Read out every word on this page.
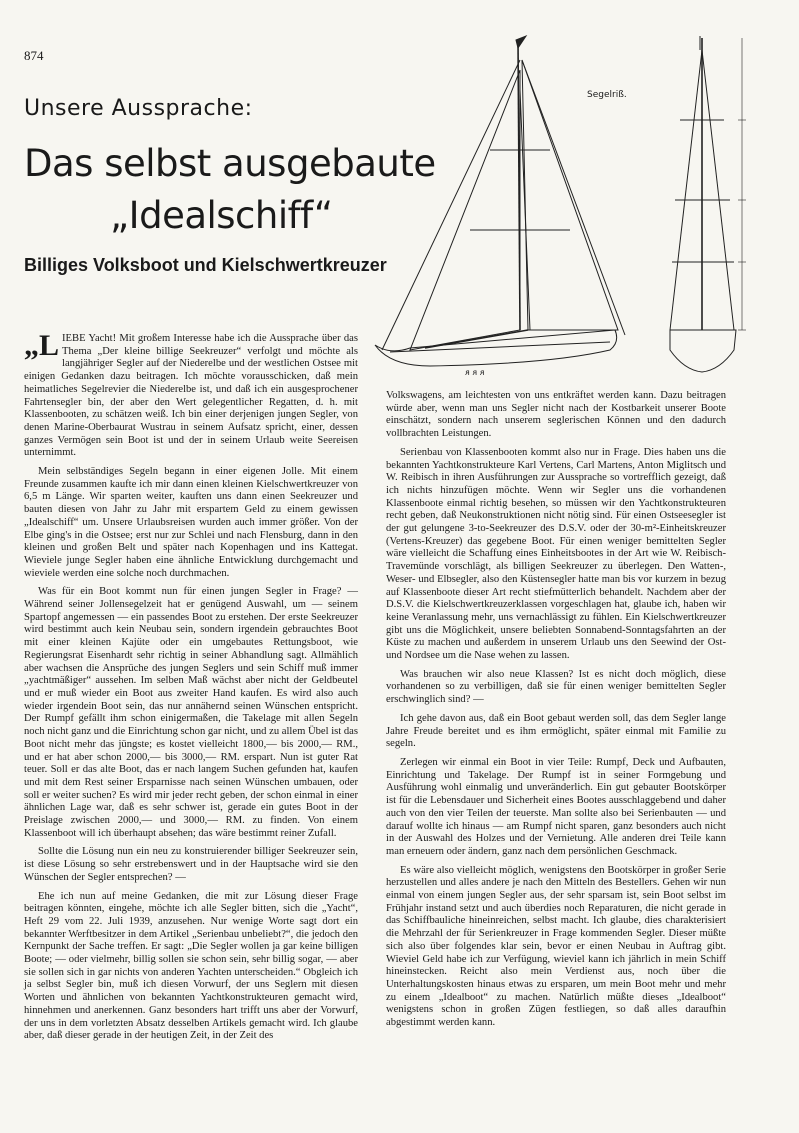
874
Unsere Aussprache:
Das selbst ausgebaute
„Idealschiff“
Billiges Volksboot und Kielschwertkreuzer
ᴙ ᴙ ᴙ
Segelriß.

„LIEBE Yacht! Mit großem Interesse habe ich die Aussprache über das Thema „Der kleine billige Seekreuzer“ verfolgt und möchte als langjähriger Segler auf der Niederelbe und der westlichen Ostsee mit einigen Gedanken dazu beitragen. Ich möchte vorausschicken, daß mein heimatliches Segelrevier die Niederelbe ist, und daß ich ein ausgesprochener Fahrtensegler bin, der aber den Wert gelegentlicher Regatten, d. h. mit Klassenbooten, zu schätzen weiß. Ich bin einer derjenigen jungen Segler, von denen Marine-Oberbaurat Wustrau in seinem Aufsatz spricht, einer, dessen ganzes Vermögen sein Boot ist und der in seinem Urlaub weite Seereisen unternimmt.

Mein selbständiges Segeln begann in einer eigenen Jolle. Mit einem Freunde zusammen kaufte ich mir dann einen kleinen Kielschwertkreuzer von 6,5 m Länge. Wir sparten weiter, kauften uns dann einen Seekreuzer und bauten diesen von Jahr zu Jahr mit erspartem Geld zu einem gewissen „Idealschiff“ um. Unsere Urlaubsreisen wurden auch immer größer. Von der Elbe ging's in die Ostsee; erst nur zur Schlei und nach Flensburg, dann in den kleinen und großen Belt und später nach Kopenhagen und ins Kattegat. Wieviele junge Segler haben eine ähnliche Entwicklung durchgemacht und wieviele werden eine solche noch durchmachen.

Was für ein Boot kommt nun für einen jungen Segler in Frage? — Während seiner Jollensegelzeit hat er genügend Auswahl, um — seinem Spartopf angemessen — ein passendes Boot zu erstehen. Der erste Seekreuzer wird bestimmt auch kein Neubau sein, sondern irgendein gebrauchtes Boot mit einer kleinen Kajüte oder ein umgebautes Rettungsboot, wie Regierungsrat Eisenhardt sehr richtig in seiner Abhandlung sagt. Allmählich aber wachsen die Ansprüche des jungen Seglers und sein Schiff muß immer „yachtmäßiger“ aussehen. Im selben Maß wächst aber nicht der Geldbeutel und er muß wieder ein Boot aus zweiter Hand kaufen. Es wird also auch wieder irgendein Boot sein, das nur annähernd seinen Wünschen entspricht. Der Rumpf gefällt ihm schon einigermaßen, die Takelage mit allen Segeln noch nicht ganz und die Einrichtung schon gar nicht, und zu allem Übel ist das Boot nicht mehr das jüngste; es kostet vielleicht 1800,— bis 2000,— RM., und er hat aber schon 2000,— bis 3000,— RM. erspart. Nun ist guter Rat teuer. Soll er das alte Boot, das er nach langem Suchen gefunden hat, kaufen und mit dem Rest seiner Ersparnisse nach seinen Wünschen umbauen, oder soll er weiter suchen? Es wird mir jeder recht geben, der schon einmal in einer ähnlichen Lage war, daß es sehr schwer ist, gerade ein gutes Boot in der Preislage zwischen 2000,— und 3000,— RM. zu finden. Von einem Klassenboot will ich überhaupt absehen; das wäre bestimmt reiner Zufall.

Sollte die Lösung nun ein neu zu konstruierender billiger Seekreuzer sein, ist diese Lösung so sehr erstrebenswert und in der Hauptsache wird sie den Wünschen der Segler entsprechen? —

Ehe ich nun auf meine Gedanken, die mit zur Lösung dieser Frage beitragen könnten, eingehe, möchte ich alle Segler bitten, sich die „Yacht“, Heft 29 vom 22. Juli 1939, anzusehen. Nur wenige Worte sagt dort ein bekannter Werftbesitzer in dem Artikel „Serienbau unbeliebt?“, die jedoch den Kernpunkt der Sache treffen. Er sagt: „Die Segler wollen ja gar keine billigen Boote; — oder vielmehr, billig sollen sie schon sein, sehr billig sogar, — aber sie sollen sich in gar nichts von anderen Yachten unterscheiden.“ Obgleich ich ja selbst Segler bin, muß ich diesen Vorwurf, der uns Seglern mit diesen Worten und ähnlichen von bekannten Yachtkonstrukteuren gemacht wird, hinnehmen und anerkennen. Ganz besonders hart trifft uns aber der Vorwurf, der uns in dem vorletzten Absatz desselben Artikels gemacht wird. Ich glaube aber, daß dieser gerade in der heutigen Zeit, in der Zeit des

Volkswagens, am leichtesten von uns entkräftet werden kann. Dazu beitragen würde aber, wenn man uns Segler nicht nach der Kostbarkeit unserer Boote einschätzt, sondern nach unserem seglerischen Können und den dadurch vollbrachten Leistungen.

Serienbau von Klassenbooten kommt also nur in Frage. Dies haben uns die bekannten Yachtkonstrukteure Karl Vertens, Carl Martens, Anton Miglitsch und W. Reibisch in ihren Ausführungen zur Aussprache so vortrefflich gezeigt, daß ich nichts hinzufügen möchte. Wenn wir Segler uns die vorhandenen Klassenboote einmal richtig besehen, so müssen wir den Yachtkonstrukteuren recht geben, daß Neukonstruktionen nicht nötig sind. Für einen Ostseesegler ist der gut gelungene 3-to-Seekreuzer des D.S.V. oder der 30-m²-Einheitskreuzer (Vertens-Kreuzer) das gegebene Boot. Für einen weniger bemittelten Segler wäre vielleicht die Schaffung eines Einheitsbootes in der Art wie W. Reibisch-Travemünde vorschlägt, als billigen Seekreuzer zu überlegen. Den Watten-, Weser- und Elbsegler, also den Küstensegler hatte man bis vor kurzem in bezug auf Klassenboote dieser Art recht stiefmütterlich behandelt. Nachdem aber der D.S.V. die Kielschwertkreuzerklassen vorgeschlagen hat, glaube ich, haben wir keine Veranlassung mehr, uns vernachlässigt zu fühlen. Ein Kielschwertkreuzer gibt uns die Möglichkeit, unsere beliebten Sonnabend-Sonntagsfahrten an der Küste zu machen und außerdem in unserem Urlaub uns den Seewind der Ost- und Nordsee um die Nase wehen zu lassen.

Was brauchen wir also neue Klassen? Ist es nicht doch möglich, diese vorhandenen so zu verbilligen, daß sie für einen weniger bemittelten Segler erschwinglich sind? —

Ich gehe davon aus, daß ein Boot gebaut werden soll, das dem Segler lange Jahre Freude bereitet und es ihm ermöglicht, später einmal mit Familie zu segeln.

Zerlegen wir einmal ein Boot in vier Teile: Rumpf, Deck und Aufbauten, Einrichtung und Takelage. Der Rumpf ist in seiner Formgebung und Ausführung wohl einmalig und unveränderlich. Ein gut gebauter Bootskörper ist für die Lebensdauer und Sicherheit eines Bootes ausschlaggebend und daher auch von den vier Teilen der teuerste. Man sollte also bei Serienbauten — und darauf wollte ich hinaus — am Rumpf nicht sparen, ganz besonders auch nicht in der Auswahl des Holzes und der Vernietung. Alle anderen drei Teile kann man erneuern oder ändern, ganz nach dem persönlichen Geschmack.

Es wäre also vielleicht möglich, wenigstens den Bootskörper in großer Serie herzustellen und alles andere je nach den Mitteln des Bestellers. Gehen wir nun einmal von einem jungen Segler aus, der sehr sparsam ist, sein Boot selbst im Frühjahr instand setzt und auch überdies noch Reparaturen, die nicht gerade in das Schiffbauliche hineinreichen, selbst macht. Ich glaube, dies charakterisiert die Mehrzahl der für Serienkreuzer in Frage kommenden Segler. Dieser müßte sich also über folgendes klar sein, bevor er einen Neubau in Auftrag gibt. Wieviel Geld habe ich zur Verfügung, wieviel kann ich jährlich in mein Schiff hineinstecken. Reicht also mein Verdienst aus, noch über die Unterhaltungskosten hinaus etwas zu ersparen, um mein Boot mehr und mehr zu einem „Idealboot“ zu machen. Natürlich müßte dieses „Idealboot“ wenigstens schon in großen Zügen festliegen, so daß alles daraufhin abgestimmt werden kann.
